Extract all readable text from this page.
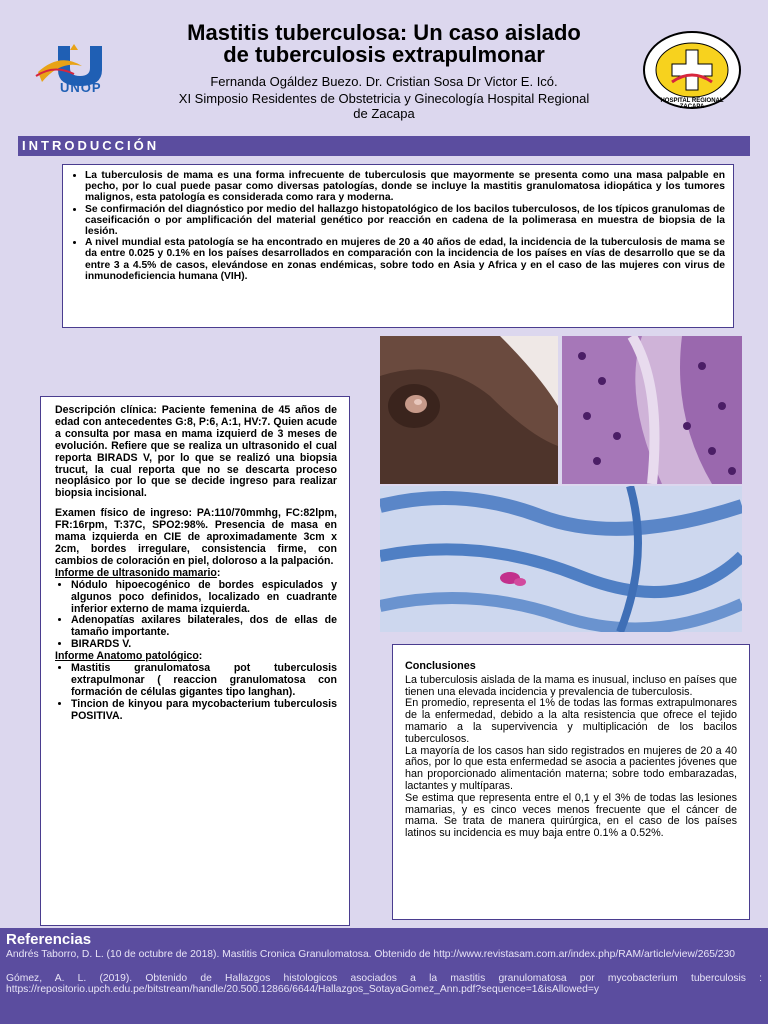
Mastitis tuberculosa: Un caso aislado
de tuberculosis extrapulmonar
UNOP
HOSPITAL REGIONAL ZACAPA
Fernanda Ogáldez Buezo. Dr. Cristian Sosa Dr Victor E. Icó.
XI Simposio Residentes de Obstetricia y Ginecología Hospital Regional
de Zacapa
INTRODUCCIÓN
• La tuberculosis de mama es una forma infrecuente de tuberculosis que mayormente se presenta como una masa palpable en pecho, por lo cual puede pasar como diversas patologías, donde se incluye la mastitis granulomatosa idiopática y los tumores malignos, esta patología es considerada como rara y moderna.
• Se confirmación del diagnóstico por medio del hallazgo histopatológico de los bacilos tuberculosos, de los típicos granulomas de caseificación o por amplificación del material genético por reacción en cadena de la polimerasa en muestra de biopsia de la lesión.
• A nivel mundial esta patología se ha encontrado en mujeres de 20 a 40 años de edad, la incidencia de la tuberculosis de mama se da entre 0.025 y 0.1% en los países desarrollados en comparación con la incidencia de los países en vías de desarrollo que se da entre 3 a 4.5% de casos, elevándose en zonas endémicas, sobre todo en Asia y Africa y en el caso de las mujeres con virus de inmunodeficiencia humana (VIH).

Descripción clínica: Paciente femenina de 45 años de edad con antecedentes G:8, P:6, A:1, HV:7. Quien acude a consulta por masa en mama izquierd de 3 meses de evolución. Refiere que se realiza un ultrasonido el cual reporta BIRADS V, por lo que se realizó una biopsia trucut, la cual reporta que no se descarta proceso neoplásico por lo que se decide ingreso para realizar biopsia incisional.

Examen físico de ingreso: PA:110/70mmhg, FC:82lpm, FR:16rpm, T:37C, SPO2:98%. Presencia de masa en mama izquierda en CIE de aproximadamente 3cm x 2cm, bordes irregulare, consistencia firme, con cambios de coloración en piel, doloroso a la palpación.

Informe de ultrasonido mamario:

• Nódulo hipoecogénico de bordes espiculados y algunos poco definidos, localizado en cuadrante inferior externo de mama izquierda.
• Adenopatías axilares bilaterales, dos de ellas de tamaño importante.
• BIRARDS V.

Informe Anatomo patológico:

• Mastitis granulomatosa pot tuberculosis extrapulmonar ( reaccion granulomatosa con formación de células gigantes tipo langhan).
• Tincion de kinyou para mycobacterium tuberculosis POSITIVA.
Conclusiones

La tuberculosis aislada de la mama es inusual, incluso en países que tienen una elevada incidencia y prevalencia de tuberculosis.

En promedio, representa el 1% de todas las formas extrapulmonares de la enfermedad, debido a la alta resistencia que ofrece el tejido mamario a la supervivencia y multiplicación de los bacilos tuberculosos.

La mayoría de los casos han sido registrados en mujeres de 20 a 40 años, por lo que esta enfermedad se asocia a pacientes jóvenes que han proporcionado alimentación materna; sobre todo embarazadas, lactantes y multíparas.

Se estima que representa entre el 0,1 y el 3% de todas las lesiones mamarias, y es cinco veces menos frecuente que el cáncer de mama. Se trata de manera quirúrgica, en el caso de los países latinos su incidencia es muy baja entre 0.1% a 0.52%.

Referencias

Andrés Taborro, D. L. (10 de octubre de 2018). Mastitis Cronica Granulomatosa. Obtenido de http://www.revistasam.com.ar/index.php/RAM/article/view/265/230

Gómez, A. L. (2019). Obtenido de Hallazgos histologicos asociados a la mastitis granulomatosa por mycobacterium tuberculosis : https://repositorio.upch.edu.pe/bitstream/handle/20.500.12866/6644/Hallazgos_SotayaGomez_Ann.pdf?sequence=1&isAllowed=y
